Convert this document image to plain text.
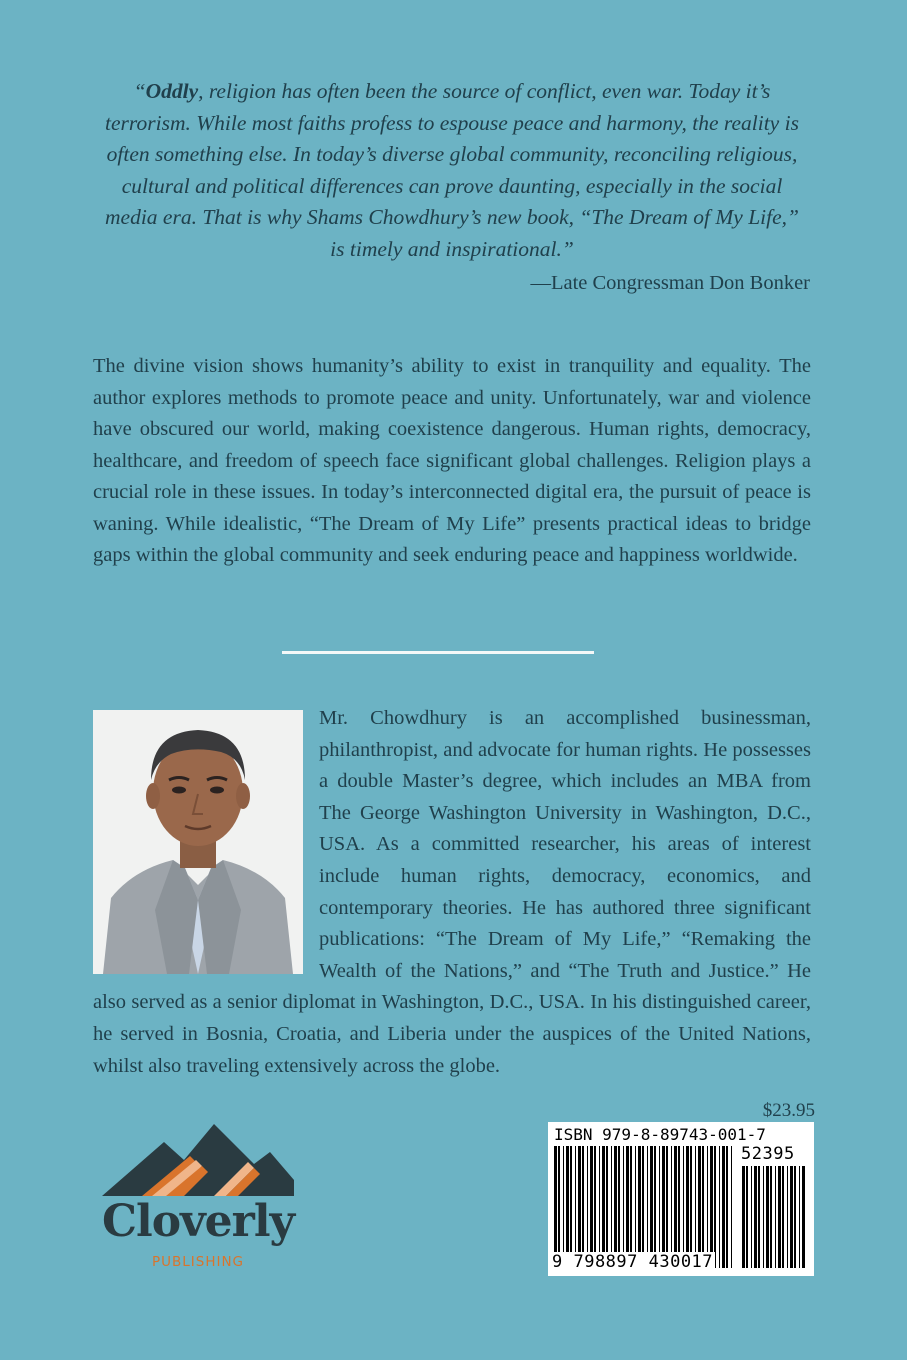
“Oddly, religion has often been the source of conflict, even war. Today it’s terrorism. While most faiths profess to espouse peace and harmony, the reality is often something else. In today’s diverse global community, reconciling religious, cultural and political differences can prove daunting, especially in the social media era. That is why Shams Chowdhury’s new book, “The Dream of My Life,” is timely and inspirational.”
—Late Congressman Don Bonker
The divine vision shows humanity’s ability to exist in tranquility and equality. The author explores methods to promote peace and unity. Unfortunately, war and violence have obscured our world, making coexistence dangerous. Human rights, democracy, healthcare, and freedom of speech face significant global challenges. Religion plays a crucial role in these issues. In today’s interconnected digital era, the pursuit of peace is waning. While idealistic, “The Dream of My Life” presents practical ideas to bridge gaps within the global community and seek enduring peace and happiness worldwide.
Mr. Chowdhury is an accomplished businessman, philanthropist, and advocate for human rights. He possesses a double Master’s degree, which includes an MBA from The George Washington University in Washington, D.C., USA. As a committed researcher, his areas of interest include human rights, democracy, economics, and contemporary theories. He has authored three significant publications: “The Dream of My Life,” “Remaking the Wealth of the Nations,” and “The Truth and Justice.” He also served as a senior diplomat in Washington, D.C., USA. In his distinguished career, he served in Bosnia, Croatia, and Liberia under the auspices of the United Nations, whilst also traveling extensively across the globe.
$23.95
ISBN 979-8-89743-001-7
52395
9 798897 430017
Cloverly
PUBLISHING
